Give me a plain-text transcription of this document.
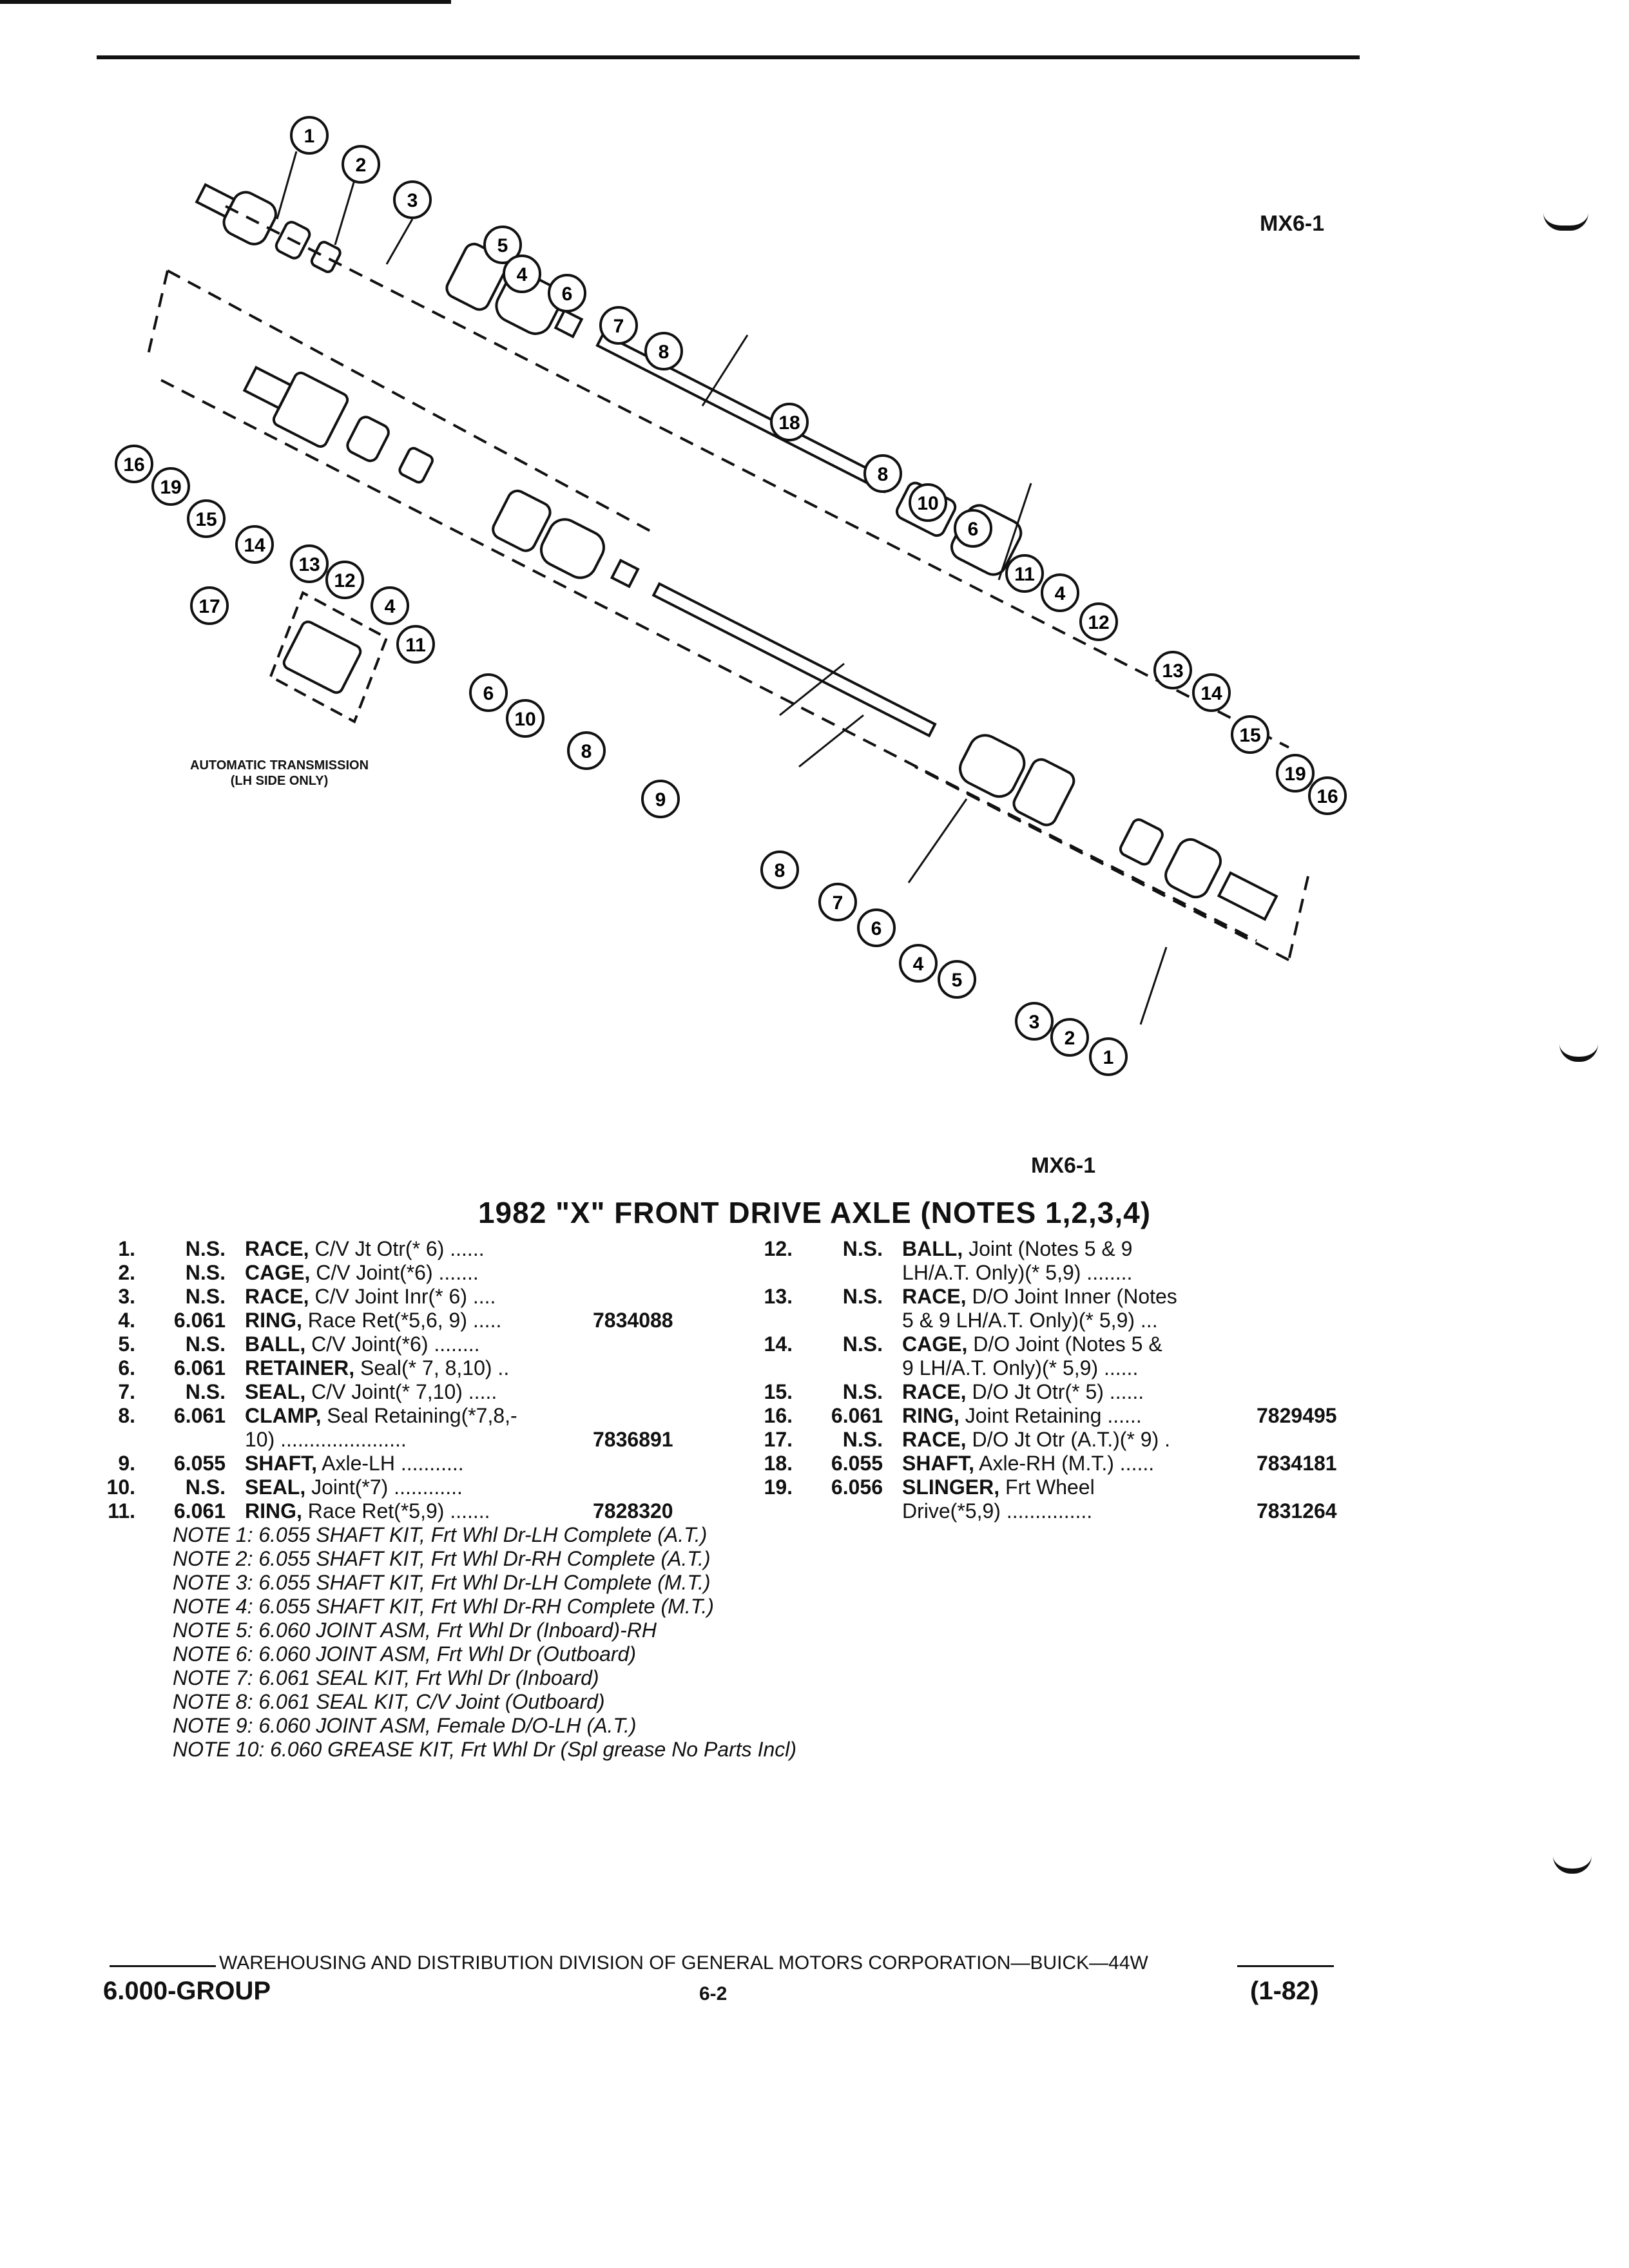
MX6-1
1
2
3
5
4
6
7
8
16
19
15
14
13
12
4
11
18
8
10
6
11
4
12
13
14
15
19
16
17
6
10
8
9
8
7
6
4
5
3
2
1
AUTOMATIC TRANSMISSION
(LH SIDE ONLY)
MX6-1
1982 "X" FRONT DRIVE AXLE (NOTES 1,2,3,4)
1.	N.S. RACE, C/V Jt Otr(* 6) ......
2.	N.S. CAGE, C/V Joint(*6) .......
3.	N.S. RACE, C/V Joint Inr(* 6) ....
4.	6.061 RING, Race Ret(*5,6, 9) .....	7834088
5.	N.S. BALL, C/V Joint(*6) ........
6.	6.061 RETAINER, Seal(* 7, 8,10) ..
7.	N.S. SEAL, C/V Joint(* 7,10) .....
8.	6.061 CLAMP, Seal Retaining(*7,8,-
10) ......................	7836891
9.	6.055 SHAFT, Axle-LH ...........
10.	N.S. SEAL, Joint(*7) ............
11.	6.061 RING, Race Ret(*5,9) .......	7828320
12.	N.S. BALL, Joint (Notes 5 & 9
LH/A.T. Only)(* 5,9) ........
13.	N.S. RACE, D/O Joint Inner (Notes
5 & 9 LH/A.T. Only)(* 5,9) ...
14.	N.S. CAGE, D/O Joint (Notes 5 &
9 LH/A.T. Only)(* 5,9) ......
15.	N.S. RACE, D/O Jt Otr(* 5) ......
16.	6.061 RING, Joint Retaining ......	7829495
17.	N.S. RACE, D/O Jt Otr (A.T.)(* 9) .
18.	6.055 SHAFT, Axle-RH (M.T.) ......	7834181
19.	6.056 SLINGER, Frt Wheel
Drive(*5,9) ...............	7831264
NOTE 1: 6.055 SHAFT KIT, Frt Whl Dr-LH Complete (A.T.)
NOTE 2: 6.055 SHAFT KIT, Frt Whl Dr-RH Complete (A.T.)
NOTE 3: 6.055 SHAFT KIT, Frt Whl Dr-LH Complete (M.T.)
NOTE 4: 6.055 SHAFT KIT, Frt Whl Dr-RH Complete (M.T.)
NOTE 5: 6.060 JOINT ASM, Frt Whl Dr (Inboard)-RH
NOTE 6: 6.060 JOINT ASM, Frt Whl Dr (Outboard)
NOTE 7: 6.061 SEAL KIT, Frt Whl Dr (Inboard)
NOTE 8: 6.061 SEAL KIT, C/V Joint (Outboard)
NOTE 9: 6.060 JOINT ASM, Female D/O-LH (A.T.)
NOTE 10: 6.060 GREASE KIT, Frt Whl Dr (Spl grease No Parts Incl)
WAREHOUSING AND DISTRIBUTION DIVISION OF GENERAL MOTORS CORPORATION—BUICK—44W
6.000-GROUP	6-2	(1-82)
